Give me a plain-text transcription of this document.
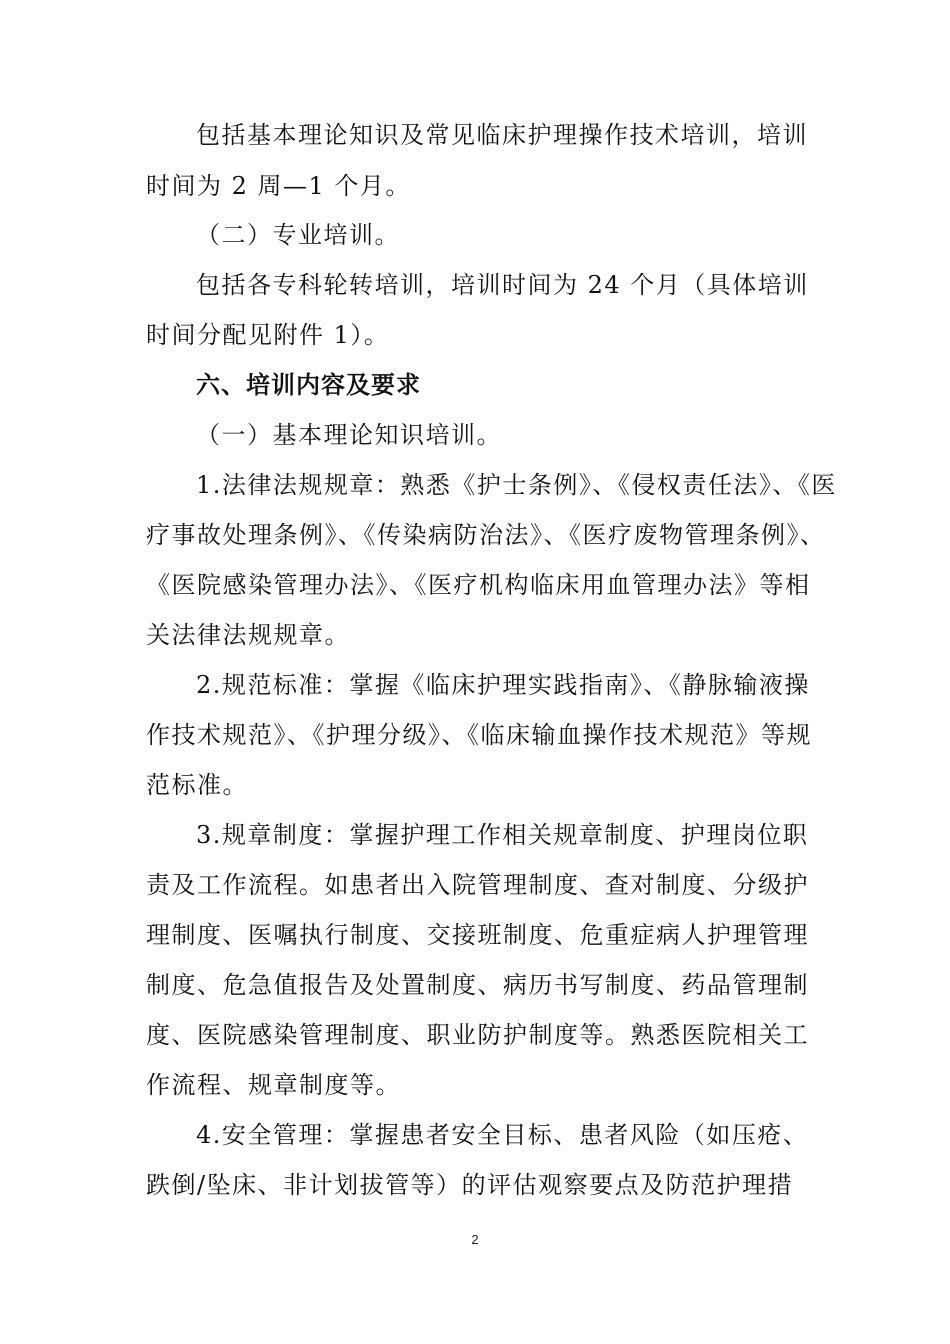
包括基本理论知识及常见临床护理操作技术培训，培训
时间为 2 周—1 个月。
（二）专业培训。
包括各专科轮转培训，培训时间为 24 个月（具体培训
时间分配见附件 1）。
六、培训内容及要求
（一）基本理论知识培训。
1.法律法规规章：熟悉《护士条例》、《侵权责任法》、《医
疗事故处理条例》、《传染病防治法》、《医疗废物管理条例》、
《医院感染管理办法》、《医疗机构临床用血管理办法》等相
关法律法规规章。
2.规范标准：掌握《临床护理实践指南》、《静脉输液操
作技术规范》、《护理分级》、《临床输血操作技术规范》等规
范标准。
3.规章制度：掌握护理工作相关规章制度、护理岗位职
责及工作流程。如患者出入院管理制度、查对制度、分级护
理制度、医嘱执行制度、交接班制度、危重症病人护理管理
制度、危急值报告及处置制度、病历书写制度、药品管理制
度、医院感染管理制度、职业防护制度等。熟悉医院相关工
作流程、规章制度等。
4.安全管理：掌握患者安全目标、患者风险（如压疮、
跌倒/坠床、非计划拔管等）的评估观察要点及防范护理措
2
